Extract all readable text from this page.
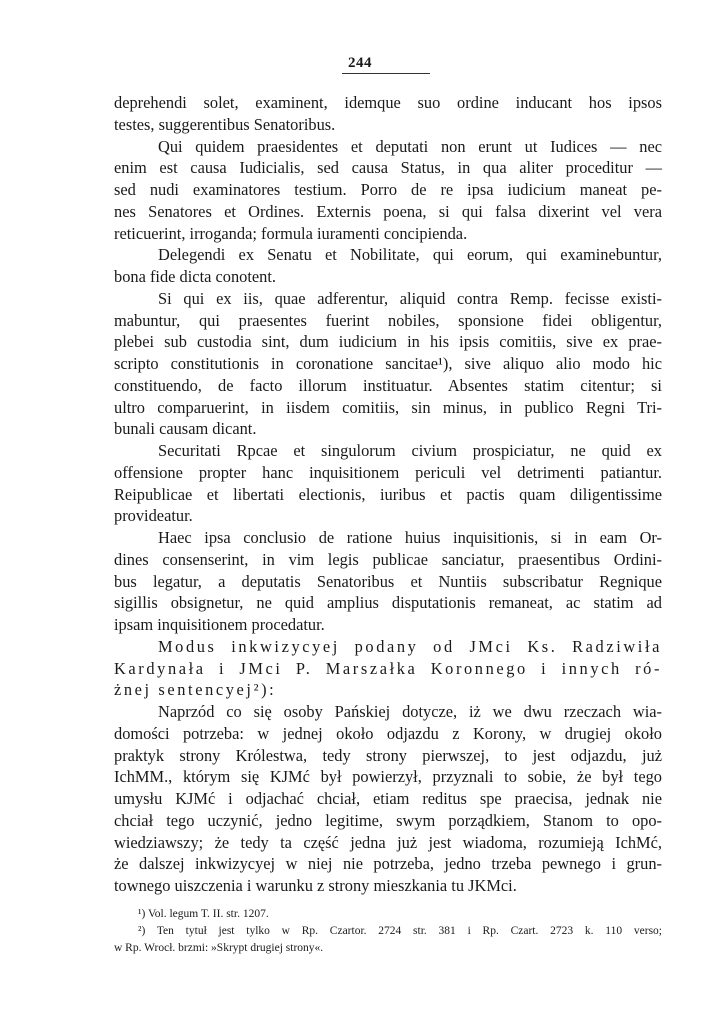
244
deprehendi solet, examinent, idemque suo ordine inducant hos ipsos
testes, suggerentibus Senatoribus.
Qui quidem praesidentes et deputati non erunt ut Iudices — nec
enim est causa Iudicialis, sed causa Status, in qua aliter proceditur —
sed nudi examinatores testium. Porro de re ipsa iudicium maneat pe-
nes Senatores et Ordines. Externis poena, si qui falsa dixerint vel vera
reticuerint, irroganda; formula iuramenti concipienda.
Delegendi ex Senatu et Nobilitate, qui eorum, qui examinebuntur,
bona fide dicta conotent.
Si qui ex iis, quae adferentur, aliquid contra Remp. fecisse existi-
mabuntur, qui praesentes fuerint nobiles, sponsione fidei obligentur,
plebei sub custodia sint, dum iudicium in his ipsis comitiis, sive ex prae-
scripto constitutionis in coronatione sancitae¹), sive aliquo alio modo hic
constituendo, de facto illorum instituatur. Absentes statim citentur; si
ultro comparuerint, in iisdem comitiis, sin minus, in publico Regni Tri-
bunali causam dicant.
Securitati Rpcae et singulorum civium prospiciatur, ne quid ex
offensione propter hanc inquisitionem periculi vel detrimenti patiantur.
Reipublicae et libertati electionis, iuribus et pactis quam diligentissime
provideatur.
Haec ipsa conclusio de ratione huius inquisitionis, si in eam Or-
dines consenserint, in vim legis publicae sanciatur, praesentibus Ordini-
bus legatur, a deputatis Senatoribus et Nuntiis subscribatur Regnique
sigillis obsignetur, ne quid amplius disputationis remaneat, ac statim ad
ipsam inquisitionem procedatur.
Modus inkwizycyej podany od JMci Ks. Radziwiła
Kardynała i JMci P. Marszałka Koronnego i innych ró-
żnej sentencyej²):
Naprzód co się osoby Pańskiej dotycze, iż we dwu rzeczach wia-
domości potrzeba: w jednej około odjazdu z Korony, w drugiej około
praktyk strony Królestwa, tedy strony pierwszej, to jest odjazdu, już
IchMM., którym się KJMć był powierzył, przyznali to sobie, że był tego
umysłu KJMć i odjachać chciał, etiam reditus spe praecisa, jednak nie
chciał tego uczynić, jedno legitime, swym porządkiem, Stanom to opo-
wiedziawszy; że tedy ta część jedna już jest wiadoma, rozumieją IchMć,
że dalszej inkwizycyej w niej nie potrzeba, jedno trzeba pewnego i grun-
townego uiszczenia i warunku z strony mieszkania tu JKMci.
¹) Vol. legum T. II. str. 1207.
²) Ten tytuł jest tylko w Rp. Czartor. 2724 str. 381 i Rp. Czart. 2723 k. 110 verso;
w Rp. Wrocł. brzmi: »Skrypt drugiej strony«.
